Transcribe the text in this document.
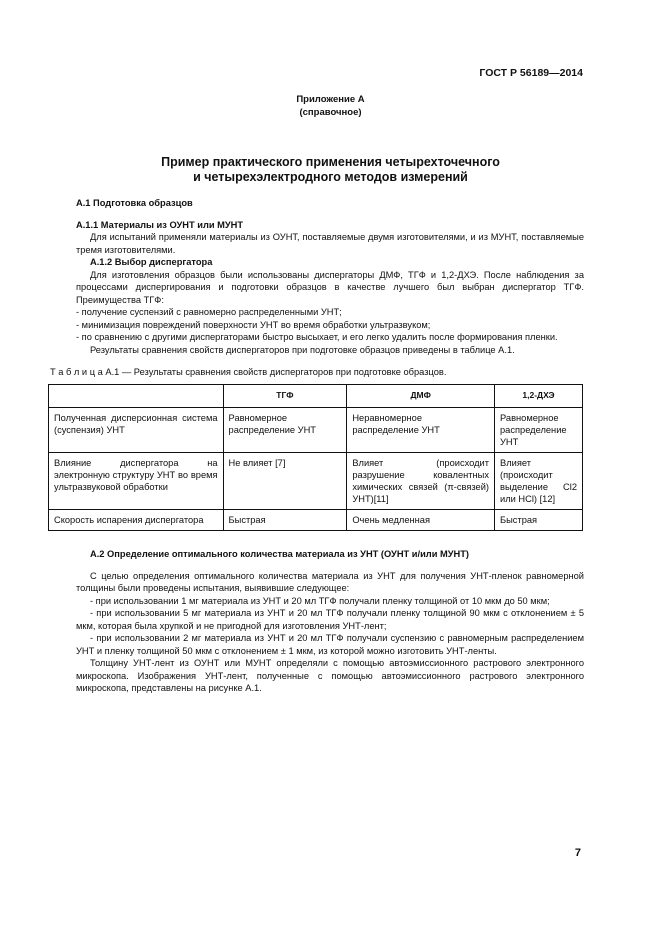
ГОСТ Р 56189—2014
Приложение А
(справочное)
Пример практического применения четырехточечного
и четырехэлектродного методов измерений

А.1 Подготовка образцов

А.1.1 Материалы из ОУНТ или МУНТ

Для испытаний применяли материалы из ОУНТ, поставляемые двумя изготовителями, и из МУНТ, поставляемые тремя изготовителями.

А.1.2 Выбор диспергатора

Для изготовления образцов были использованы диспергаторы ДМФ, ТГФ и 1,2-ДХЭ. После наблюдения за процессами диспергирования и подготовки образцов в качестве лучшего был выбран диспергатор ТГФ. Преимущества ТГФ:

- получение суспензий с равномерно распределенными УНТ;

- минимизация повреждений поверхности УНТ во время обработки ультразвуком;

- по сравнению с другими диспергаторами быстро высыхает, и его легко удалить после формирования пленки.

Результаты сравнения свойств диспергаторов при подготовке образцов приведены в таблице А.1.

Т а б л и ц а А.1 — Результаты сравнения свойств диспергаторов при подготовке образцов.
	ТГФ	ДМФ	1,2-ДХЭ
Полученная дисперсионная система (суспензия) УНТ	Равномерное распределение УНТ	Неравномерное распределение УНТ	Равномерное распределение УНТ
Влияние диспергатора на электронную структуру УНТ во время ультразвуковой обработки	Не влияет [7]	Влияет (происходит разрушение ковалентных химических связей (π-связей) УНТ)[11]	Влияет (происходит выделение Cl2 или HCl) [12]
Скорость испарения диспергатора	Быстрая	Очень медленная	Быстрая

А.2 Определение оптимального количества материала из УНТ (ОУНТ и/или МУНТ)

С целью определения оптимального количества материала из УНТ для получения УНТ-пленок равномерной толщины были проведены испытания, выявившие следующее:

- при использовании 1 мг материала из УНТ и 20 мл ТГФ получали пленку толщиной от 10 мкм до 50 мкм;

- при использовании 5 мг материала из УНТ и 20 мл ТГФ получали пленку толщиной 90 мкм с отклонением ± 5 мкм, которая была хрупкой и не пригодной для изготовления УНТ-лент;

- при использовании 2 мг материала из УНТ и 20 мл ТГФ получали суспензию с равномерным распределением УНТ и пленку толщиной 50 мкм с отклонением ± 1 мкм, из которой можно изготовить УНТ-ленты.

Толщину УНТ-лент из ОУНТ или МУНТ определяли с помощью автоэмиссионного растрового электронного микроскопа. Изображения УНТ-лент, полученные с помощью автоэмиссионного растрового электронного микроскопа, представлены на рисунке А.1.

7
